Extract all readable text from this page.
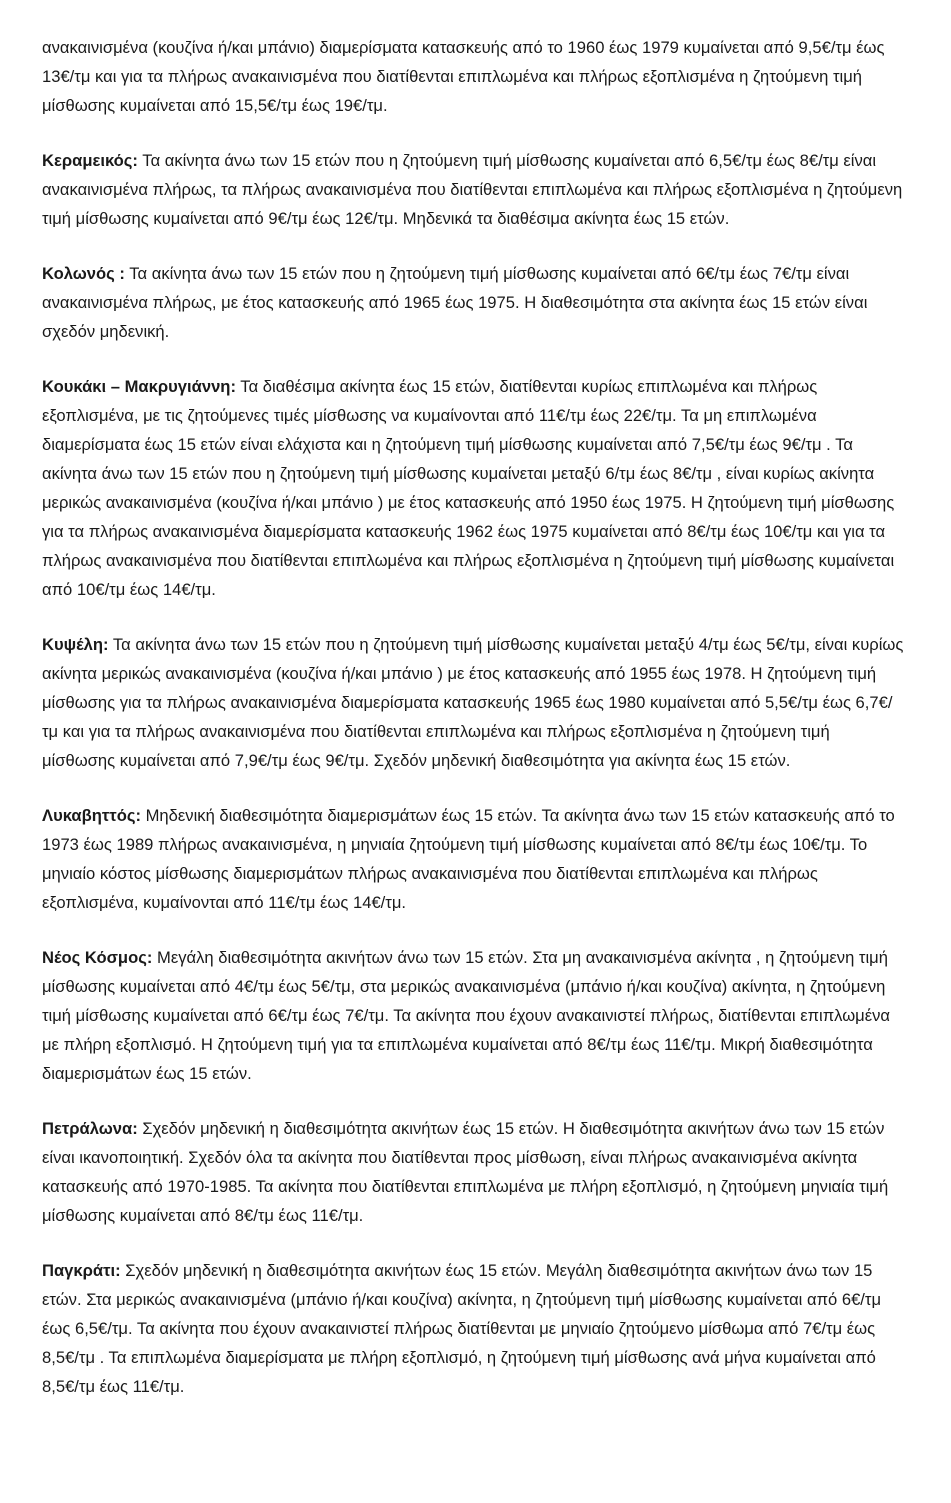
ανακαινισμένα (κουζίνα ή/και μπάνιο) διαμερίσματα κατασκευής από το 1960 έως 1979 κυμαίνεται από 9,5€/τμ έως 13€/τμ και για τα πλήρως ανακαινισμένα που διατίθενται επιπλωμένα και πλήρως εξοπλισμένα η ζητούμενη τιμή μίσθωσης κυμαίνεται από 15,5€/τμ έως 19€/τμ.

Κεραμεικός: Τα ακίνητα άνω των 15 ετών που η ζητούμενη τιμή μίσθωσης κυμαίνεται από 6,5€/τμ έως 8€/τμ είναι ανακαινισμένα πλήρως, τα πλήρως ανακαινισμένα που διατίθενται επιπλωμένα και πλήρως εξοπλισμένα η ζητούμενη τιμή μίσθωσης κυμαίνεται από 9€/τμ έως 12€/τμ. Μηδενικά τα διαθέσιμα ακίνητα έως 15 ετών.

Κολωνός : Τα ακίνητα άνω των 15 ετών που η ζητούμενη τιμή μίσθωσης κυμαίνεται από 6€/τμ έως 7€/τμ είναι ανακαινισμένα πλήρως, με έτος κατασκευής από 1965 έως 1975. Η διαθεσιμότητα στα ακίνητα έως 15 ετών είναι σχεδόν μηδενική.

Κουκάκι – Μακρυγιάννη: Τα διαθέσιμα ακίνητα έως 15 ετών, διατίθενται κυρίως επιπλωμένα και πλήρως εξοπλισμένα, με τις ζητούμενες τιμές μίσθωσης να κυμαίνονται από 11€/τμ έως 22€/τμ. Τα μη επιπλωμένα διαμερίσματα έως 15 ετών είναι ελάχιστα και η ζητούμενη τιμή μίσθωσης κυμαίνεται από 7,5€/τμ έως 9€/τμ . Τα ακίνητα άνω των 15 ετών που η ζητούμενη τιμή μίσθωσης κυμαίνεται μεταξύ 6/τμ έως 8€/τμ , είναι κυρίως ακίνητα μερικώς ανακαινισμένα (κουζίνα ή/και μπάνιο ) με έτος κατασκευής από 1950 έως 1975. Η ζητούμενη τιμή μίσθωσης για τα πλήρως ανακαινισμένα διαμερίσματα κατασκευής 1962 έως 1975 κυμαίνεται από 8€/τμ έως 10€/τμ και για τα πλήρως ανακαινισμένα που διατίθενται επιπλωμένα και πλήρως εξοπλισμένα η ζητούμενη τιμή μίσθωσης κυμαίνεται από 10€/τμ έως 14€/τμ.

Κυψέλη: Τα ακίνητα άνω των 15 ετών που η ζητούμενη τιμή μίσθωσης κυμαίνεται μεταξύ 4/τμ έως 5€/τμ, είναι κυρίως ακίνητα μερικώς ανακαινισμένα (κουζίνα ή/και μπάνιο ) με έτος κατασκευής από 1955 έως 1978. Η ζητούμενη τιμή μίσθωσης για τα πλήρως ανακαινισμένα διαμερίσματα κατασκευής 1965 έως 1980 κυμαίνεται από 5,5€/τμ έως 6,7€/τμ και για τα πλήρως ανακαινισμένα που διατίθενται επιπλωμένα και πλήρως εξοπλισμένα η ζητούμενη τιμή μίσθωσης κυμαίνεται από 7,9€/τμ έως 9€/τμ. Σχεδόν μηδενική διαθεσιμότητα για ακίνητα έως 15 ετών.

Λυκαβηττός: Μηδενική διαθεσιμότητα διαμερισμάτων έως 15 ετών. Τα ακίνητα άνω των 15 ετών κατασκευής από το 1973 έως 1989 πλήρως ανακαινισμένα, η μηνιαία ζητούμενη τιμή μίσθωσης κυμαίνεται από 8€/τμ έως 10€/τμ. Το μηνιαίο κόστος μίσθωσης διαμερισμάτων πλήρως ανακαινισμένα που διατίθενται επιπλωμένα και πλήρως εξοπλισμένα, κυμαίνονται από 11€/τμ έως 14€/τμ.

Νέος Κόσμος: Μεγάλη διαθεσιμότητα ακινήτων άνω των 15 ετών. Στα μη ανακαινισμένα ακίνητα , η ζητούμενη τιμή μίσθωσης κυμαίνεται από 4€/τμ έως 5€/τμ, στα μερικώς ανακαινισμένα (μπάνιο ή/και κουζίνα) ακίνητα, η ζητούμενη τιμή μίσθωσης κυμαίνεται από 6€/τμ έως 7€/τμ. Τα ακίνητα που έχουν ανακαινιστεί πλήρως, διατίθενται επιπλωμένα με πλήρη εξοπλισμό. Η ζητούμενη τιμή για τα επιπλωμένα κυμαίνεται από 8€/τμ έως 11€/τμ. Μικρή διαθεσιμότητα διαμερισμάτων έως 15 ετών.

Πετράλωνα: Σχεδόν μηδενική η διαθεσιμότητα ακινήτων έως 15 ετών. Η διαθεσιμότητα ακινήτων άνω των 15 ετών είναι ικανοποιητική. Σχεδόν όλα τα ακίνητα που διατίθενται προς μίσθωση, είναι πλήρως ανακαινισμένα ακίνητα κατασκευής από 1970-1985. Τα ακίνητα που διατίθενται επιπλωμένα με πλήρη εξοπλισμό, η ζητούμενη μηνιαία τιμή μίσθωσης κυμαίνεται από 8€/τμ έως 11€/τμ.

Παγκράτι: Σχεδόν μηδενική η διαθεσιμότητα ακινήτων έως 15 ετών. Μεγάλη διαθεσιμότητα ακινήτων άνω των 15 ετών. Στα μερικώς ανακαινισμένα (μπάνιο ή/και κουζίνα) ακίνητα, η ζητούμενη τιμή μίσθωσης κυμαίνεται από 6€/τμ έως 6,5€/τμ. Τα ακίνητα που έχουν ανακαινιστεί πλήρως διατίθενται με μηνιαίο ζητούμενο μίσθωμα από 7€/τμ έως 8,5€/τμ . Τα επιπλωμένα διαμερίσματα με πλήρη εξοπλισμό, η ζητούμενη τιμή μίσθωσης ανά μήνα κυμαίνεται από 8,5€/τμ έως 11€/τμ.
